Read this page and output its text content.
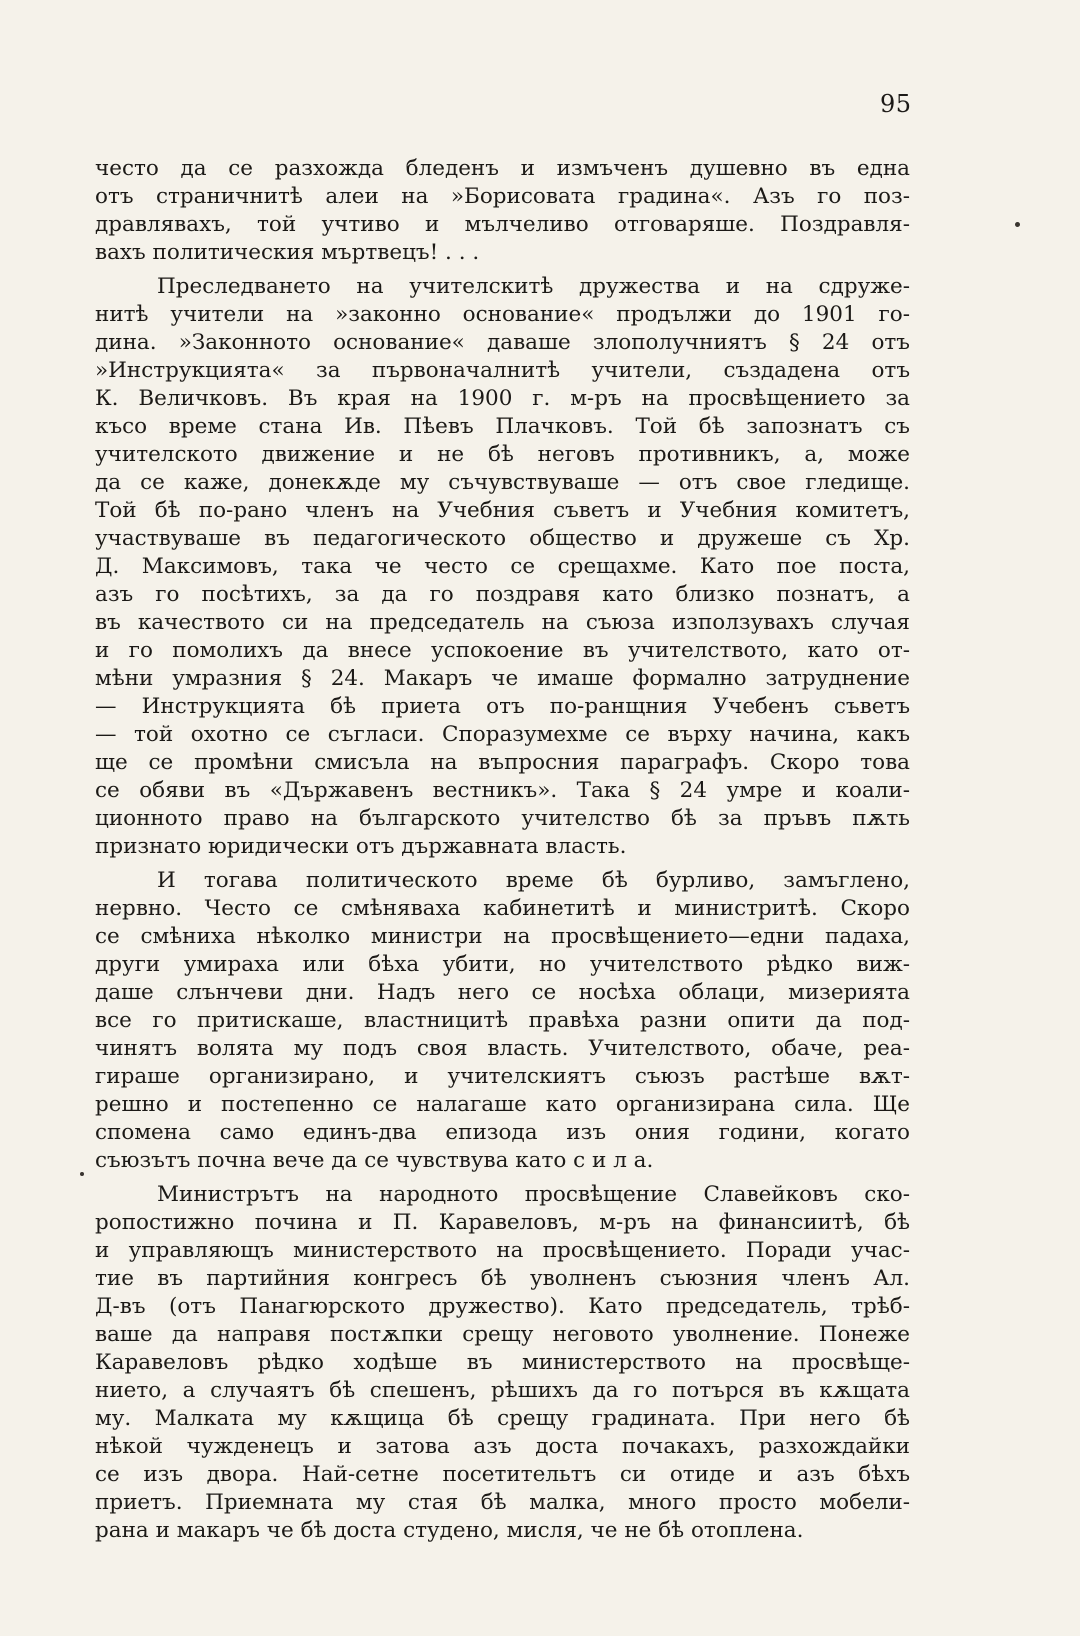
95
често да се разхожда бледенъ и измъченъ душевно въ една
отъ страничнитѣ алеи на »Борисовата градина«. Азъ го поз-
дравлявахъ, той учтиво и мълчеливо отговаряше. Поздравля-
вахъ политическия мъртвецъ! . . .
Преследването на учителскитѣ дружества и на сдруже-
нитѣ учители на »законно основание« продължи до 1901 го-
дина. »Законното основание« даваше злополучниятъ § 24 отъ
»Инструкцията« за първоначалнитѣ учители, създадена отъ
К. Величковъ. Въ края на 1900 г. м-ръ на просвѣщението за
късо време стана Ив. Пѣевъ Плачковъ. Той бѣ запознатъ съ
учителското движение и не бѣ неговъ противникъ, а, може
да се каже, донекѫде му съчувствуваше — отъ свое гледище.
Той бѣ по-рано членъ на Учебния съветъ и Учебния комитетъ,
участвуваше въ педагогическото общество и дружеше съ Хр.
Д. Максимовъ, така че често се срещахме. Като пое поста,
азъ го посѣтихъ, за да го поздравя като близко познатъ, а
въ качеството си на председатель на съюза използувахъ случая
и го помолихъ да внесе успокоение въ учителството, като от-
мѣни умразния § 24. Макаръ че имаше формално затруднение
— Инструкцията бѣ приета отъ по-ранщния Учебенъ съветъ
— той охотно се съгласи. Споразумехме се върху начина, какъ
ще се промѣни смисъла на въпросния параграфъ. Скоро това
се обяви въ «Държавенъ вестникъ». Така § 24 умре и коали-
ционното право на българското учителство бѣ за пръвъ пѫть
признато юридически отъ държавната власть.
И тогава политическото време бѣ бурливо, замъглено,
нервно. Често се смѣняваха кабинетитѣ и министритѣ. Скоро
се смѣниха нѣколко министри на просвѣщението—едни падаха,
други умираха или бѣха убити, но учителството рѣдко виж-
даше слънчеви дни. Надъ него се носѣха облаци, мизерията
все го притискаше, властницитѣ правѣха разни опити да под-
чинятъ волята му подъ своя власть. Учителството, обаче, реа-
гираше организирано, и учителскиятъ съюзъ растѣше вѫт-
решно и постепенно се налагаше като организирана сила. Ще
спомена само единъ-два епизода изъ ония години, когато
съюзътъ почна вече да се чувствува като с и л а.
Министрътъ на народното просвѣщение Славейковъ ско-
ропостижно почина и П. Каравеловъ, м-ръ на финансиитѣ, бѣ
и управляющъ министерството на просвѣщението. Поради учас-
тие въ партийния конгресъ бѣ уволненъ съюзния членъ Ал.
Д-въ (отъ Панагюрското дружество). Като председатель, трѣб-
ваше да направя постѫпки срещу неговото уволнение. Понеже
Каравеловъ рѣдко ходѣше въ министерството на просвѣще-
нието, а случаятъ бѣ спешенъ, рѣшихъ да го потърся въ кѫщата
му. Малката му кѫщица бѣ срещу градината. При него бѣ
нѣкой чужденецъ и затова азъ доста почакахъ, разхождайки
се изъ двора. Най-сетне посетительтъ си отиде и азъ бѣхъ
приетъ. Приемната му стая бѣ малка, много просто мобели-
рана и макаръ че бѣ доста студено, мисля, че не бѣ отоплена.
